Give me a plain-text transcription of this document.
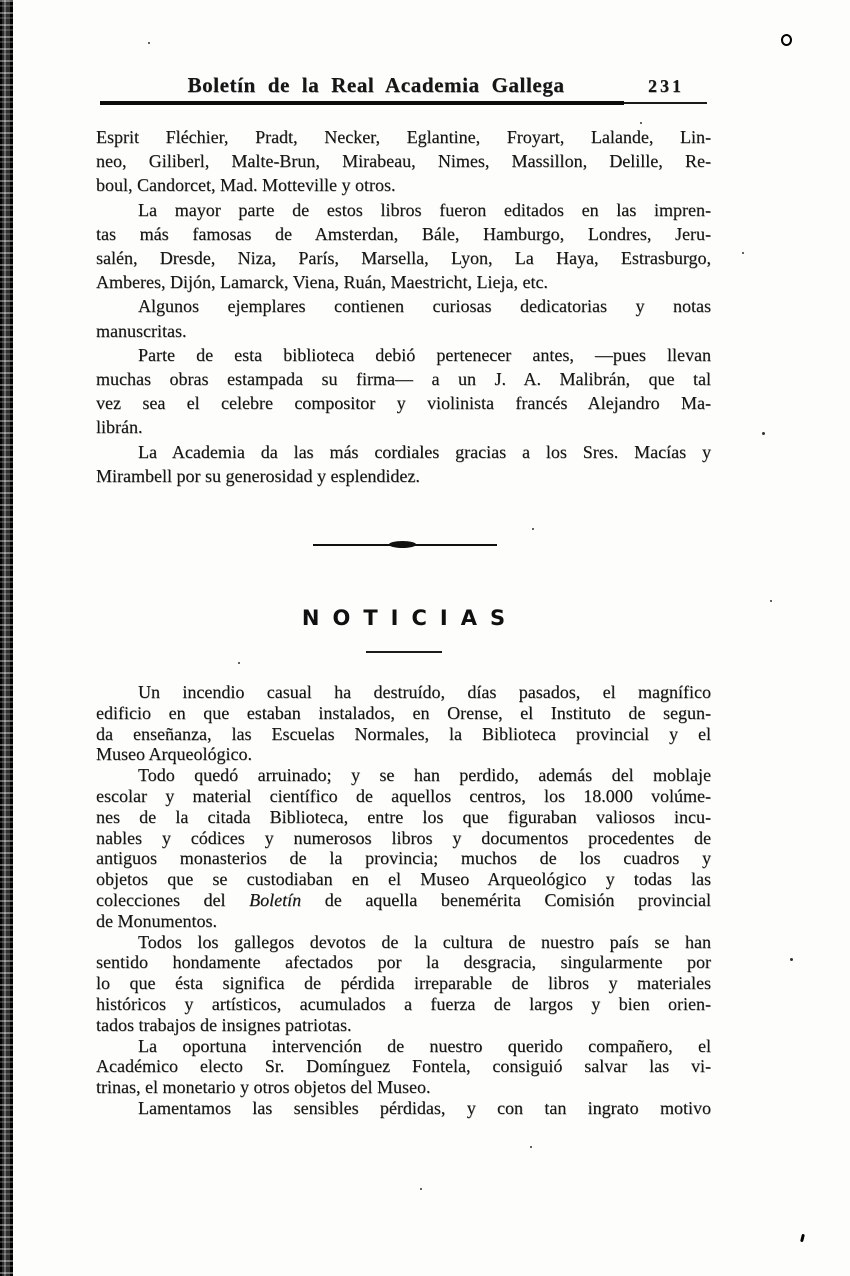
Boletín de la Real Academia Gallega	231
Esprit Fléchier, Pradt, Necker, Eglantine, Froyart, Lalande, Lin-
neo, Giliberl, Malte-Brun, Mirabeau, Nimes, Massillon, Delille, Re-
boul, Candorcet, Mad. Motteville y otros.
La mayor parte de estos libros fueron editados en las impren-
tas más famosas de Amsterdan, Bále, Hamburgo, Londres, Jeru-
salén, Dresde, Niza, París, Marsella, Lyon, La Haya, Estrasburgo,
Amberes, Dijón, Lamarck, Viena, Ruán, Maestricht, Lieja, etc.
Algunos ejemplares contienen curiosas dedicatorias y notas
manuscritas.
Parte de esta biblioteca debió pertenecer antes, —pues llevan
muchas obras estampada su firma— a un J. A. Malibrán, que tal
vez sea el celebre compositor y violinista francés Alejandro Ma-
librán.
La Academia da las más cordiales gracias a los Sres. Macías y
Mirambell por su generosidad y esplendidez.
NOTICIAS
Un incendio casual ha destruído, días pasados, el magnífico
edificio en que estaban instalados, en Orense, el Instituto de segun-
da enseñanza, las Escuelas Normales, la Biblioteca provincial y el
Museo Arqueológico.
Todo quedó arruinado; y se han perdido, además del moblaje
escolar y material científico de aquellos centros, los 18.000 volúme-
nes de la citada Biblioteca, entre los que figuraban valiosos incu-
nables y códices y numerosos libros y documentos procedentes de
antiguos monasterios de la provincia; muchos de los cuadros y
objetos que se custodiaban en el Museo Arqueológico y todas las
colecciones del Boletín de aquella benemérita Comisión provincial
de Monumentos.
Todos los gallegos devotos de la cultura de nuestro país se han
sentido hondamente afectados por la desgracia, singularmente por
lo que ésta significa de pérdida irreparable de libros y materiales
históricos y artísticos, acumulados a fuerza de largos y bien orien-
tados trabajos de insignes patriotas.
La oportuna intervención de nuestro querido compañero, el
Académico electo Sr. Domínguez Fontela, consiguió salvar las vi-
trinas, el monetario y otros objetos del Museo.
Lamentamos las sensibles pérdidas, y con tan ingrato motivo
